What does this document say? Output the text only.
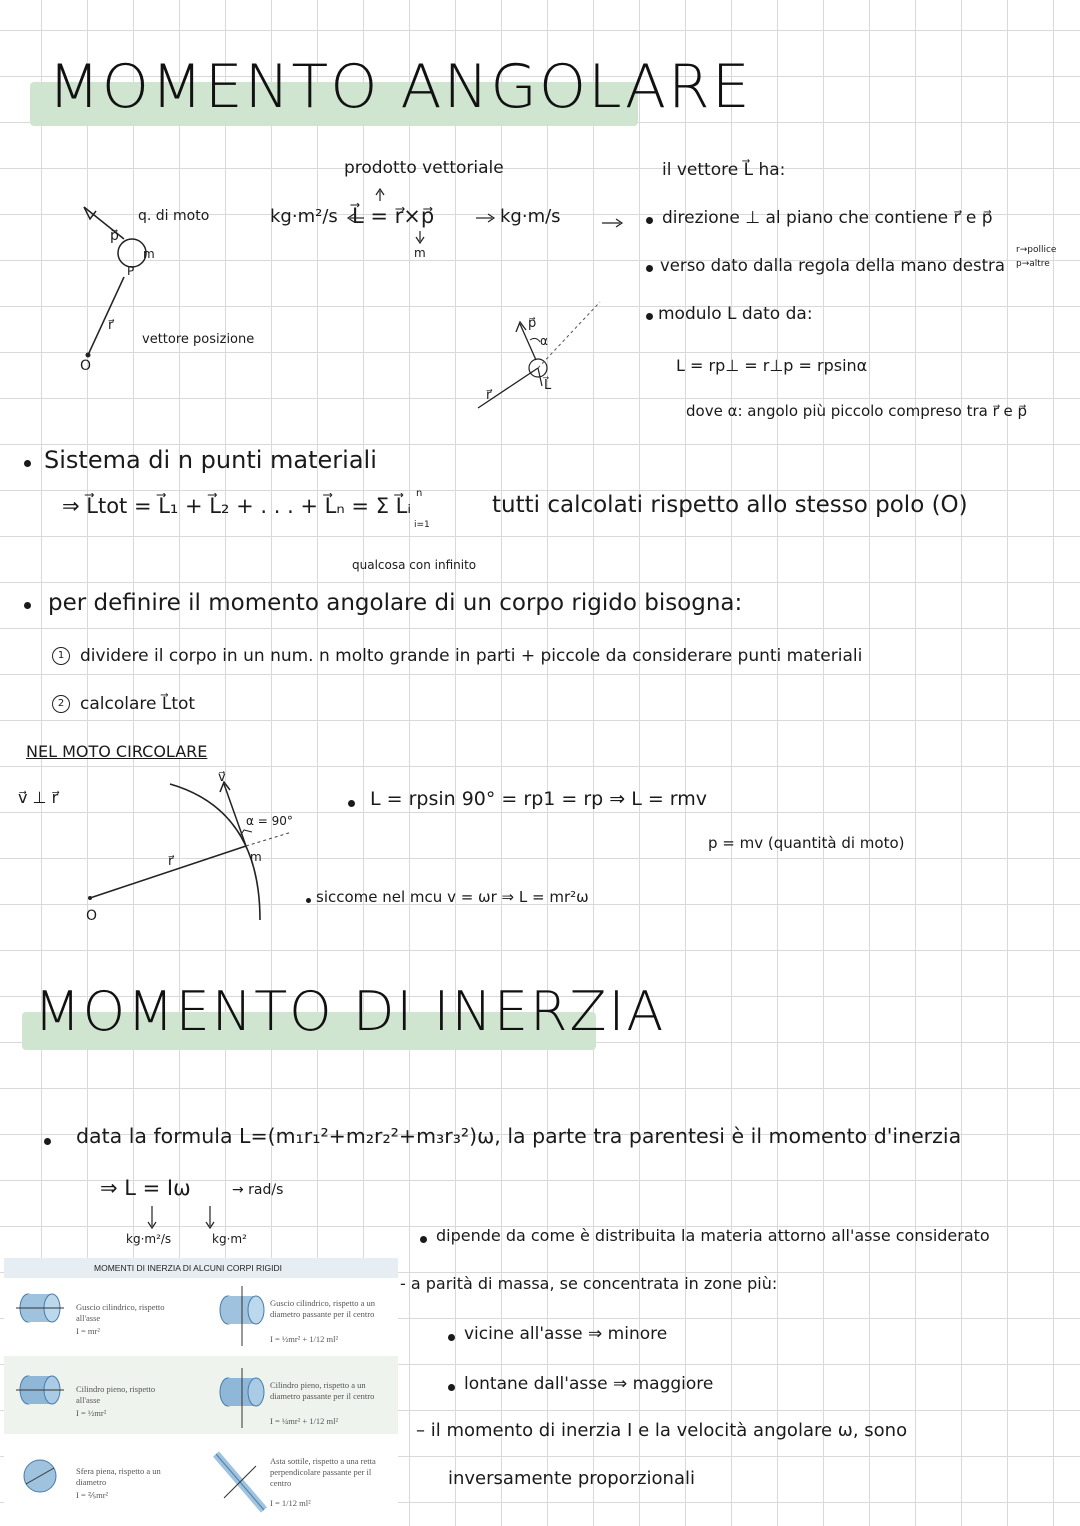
MOMENTO ANGOLARE
p⃗
q. di moto
m
P
r⃗
vettore posizione
O
prodotto vettoriale
kg·m²/s L⃗ = r⃗×p⃗	kg·m/s
m
p⃗
α
r⃗
L⃗
il vettore L⃗ ha:
direzione ⊥ al piano che contiene r⃗ e p⃗
verso dato dalla regola della mano destra
r→pollice
p→altre
modulo L dato da:
L = rp⊥ = r⊥p = rpsinα
dove α: angolo più piccolo compreso tra r⃗ e p⃗
Sistema di n punti materiali
⇒ L⃗tot = L⃗₁ + L⃗₂ + . . . + L⃗ₙ = Σ L⃗ᵢ
n
i=1
tutti calcolati rispetto allo stesso polo (O)
qualcosa con infinito
per definire il momento angolare di un corpo rigido bisogna:
1 dividere il corpo in un num. n molto grande in parti + piccole da considerare punti materiali
2 calcolare L⃗tot
NEL MOTO CIRCOLARE
v⃗ ⊥ r⃗
v⃗
α = 90°
m
r⃗
O
L = rpsin 90° = rp1 = rp ⇒ L = rmv
p = mv (quantità di moto)
siccome nel mcu v = ωr ⇒ L = mr²ω
MOMENTO DI INERZIA
data la formula L=(m₁r₁²+m₂r₂²+m₃r₃²)ω, la parte tra parentesi è il momento d'inerzia
⇒ L = Iω	→ rad/s
kg·m²/s	kg·m²
MOMENTI DI INERZIA DI ALCUNI CORPI RIGIDI
Guscio cilindrico, rispetto all'asse
I = mr²
Guscio cilindrico, rispetto a un diametro passante per il centro
I = ½mr² + 1/12 ml²
Cilindro pieno, rispetto all'asse
I = ½mr²
Cilindro pieno, rispetto a un diametro passante per il centro
I = ¼mr² + 1/12 ml²
Sfera piena, rispetto a un diametro
I = ⅖mr²
Asta sottile, rispetto a una retta perpendicolare passante per il centro
I = 1/12 ml²
dipende da come è distribuita la materia attorno all'asse considerato
- a parità di massa, se concentrata in zone più:
vicine all'asse ⇒ minore
lontane dall'asse ⇒ maggiore
– il momento di inerzia I e la velocità angolare ω, sono
inversamente proporzionali
